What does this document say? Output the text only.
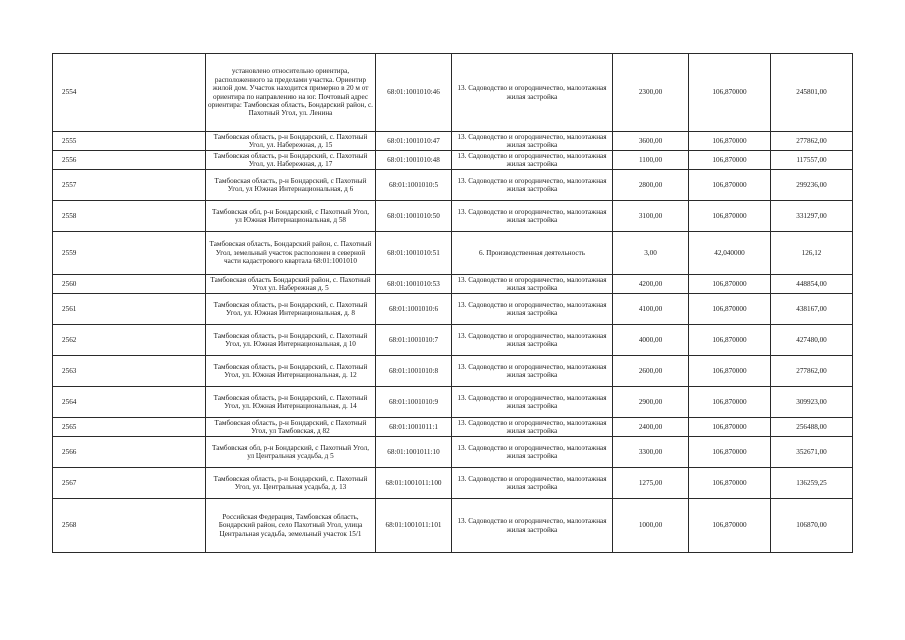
2554	установлено относительно ориентира, расположенного за пределами участка. Ориентир жилой дом. Участок находится примерно в 20 м от ориентира по направлению на юг. Почтовый адрес ориентира: Тамбовская область, Бондарский район, с. Пахотный Угол, ул. Ленина	68:01:1001010:46	13. Садоводство и огородничество, малоэтажная жилая застройка	2300,00	106,870000	245801,00
2555	Тамбовская область, р-н Бондарский, с. Пахотный Угол, ул. Набережная, д. 15	68:01:1001010:47	13. Садоводство и огородничество, малоэтажная жилая застройка	3600,00	106,870000	277862,00
2556	Тамбовская область, р-н Бондарский, с. Пахотный Угол, ул. Набережная, д. 17	68:01:1001010:48	13. Садоводство и огородничество, малоэтажная жилая застройка	1100,00	106,870000	117557,00
2557	Тамбовская область, р-н Бондарский, с Пахотный Угол, ул Южная Интернациональная, д 6	68:01:1001010:5	13. Садоводство и огородничество, малоэтажная жилая застройка	2800,00	106,870000	299236,00
2558	Тамбовская обл, р-н Бондарский, с Пахотный Угол, ул Южная Интернациональная, д 58	68:01:1001010:50	13. Садоводство и огородничество, малоэтажная жилая застройка	3100,00	106,870000	331297,00
2559	Тамбовская область, Бондарский район, с. Пахотный Угол, земельный участок расположен в северной части кадастрового квартала 68:01:1001010	68:01:1001010:51	6. Производственная деятельность	3,00	42,040000	126,12
2560	Тамбовская область Бондарский район, с. Пахотный Угол ул. Набережная д. 5	68:01:1001010:53	13. Садоводство и огородничество, малоэтажная жилая застройка	4200,00	106,870000	448854,00
2561	Тамбовская область, р-н Бондарский, с. Пахотный Угол, ул. Южная Интернациональная, д. 8	68:01:1001010:6	13. Садоводство и огородничество, малоэтажная жилая застройка	4100,00	106,870000	438167,00
2562	Тамбовская область, р-н Бондарский, с. Пахотный Угол, ул. Южная Интернациональная, д 10	68:01:1001010:7	13. Садоводство и огородничество, малоэтажная жилая застройка	4000,00	106,870000	427480,00
2563	Тамбовская область, р-н Бондарский, с. Пахотный Угол, ул. Южная Интернациональная, д. 12	68:01:1001010:8	13. Садоводство и огородничество, малоэтажная жилая застройка	2600,00	106,870000	277862,00
2564	Тамбовская область, р-н Бондарский, с. Пахотный Угол, ул. Южная Интернациональная, д. 14	68:01:1001010:9	13. Садоводство и огородничество, малоэтажная жилая застройка	2900,00	106,870000	309923,00
2565	Тамбовская область, р-н Бондарский, с Пахотный Угол, ул Тамбовская, д 82	68:01:1001011:1	13. Садоводство и огородничество, малоэтажная жилая застройка	2400,00	106,870000	256488,00
2566	Тамбовская обл, р-н Бондарский, с Пахотный Угол, ул Центральная усадьба, д 5	68:01:1001011:10	13. Садоводство и огородничество, малоэтажная жилая застройка	3300,00	106,870000	352671,00
2567	Тамбовская область, р-н Бондарский, с. Пахотный Угол, ул. Центральная усадьба, д. 13	68:01:1001011:100	13. Садоводство и огородничество, малоэтажная жилая застройка	1275,00	106,870000	136259,25
2568	Российская Федерация, Тамбовская область, Бондарский район, село Пахотный Угол, улица Центральная усадьба, земельный участок 15/1	68:01:1001011:101	13. Садоводство и огородничество, малоэтажная жилая застройка	1000,00	106,870000	106870,00
